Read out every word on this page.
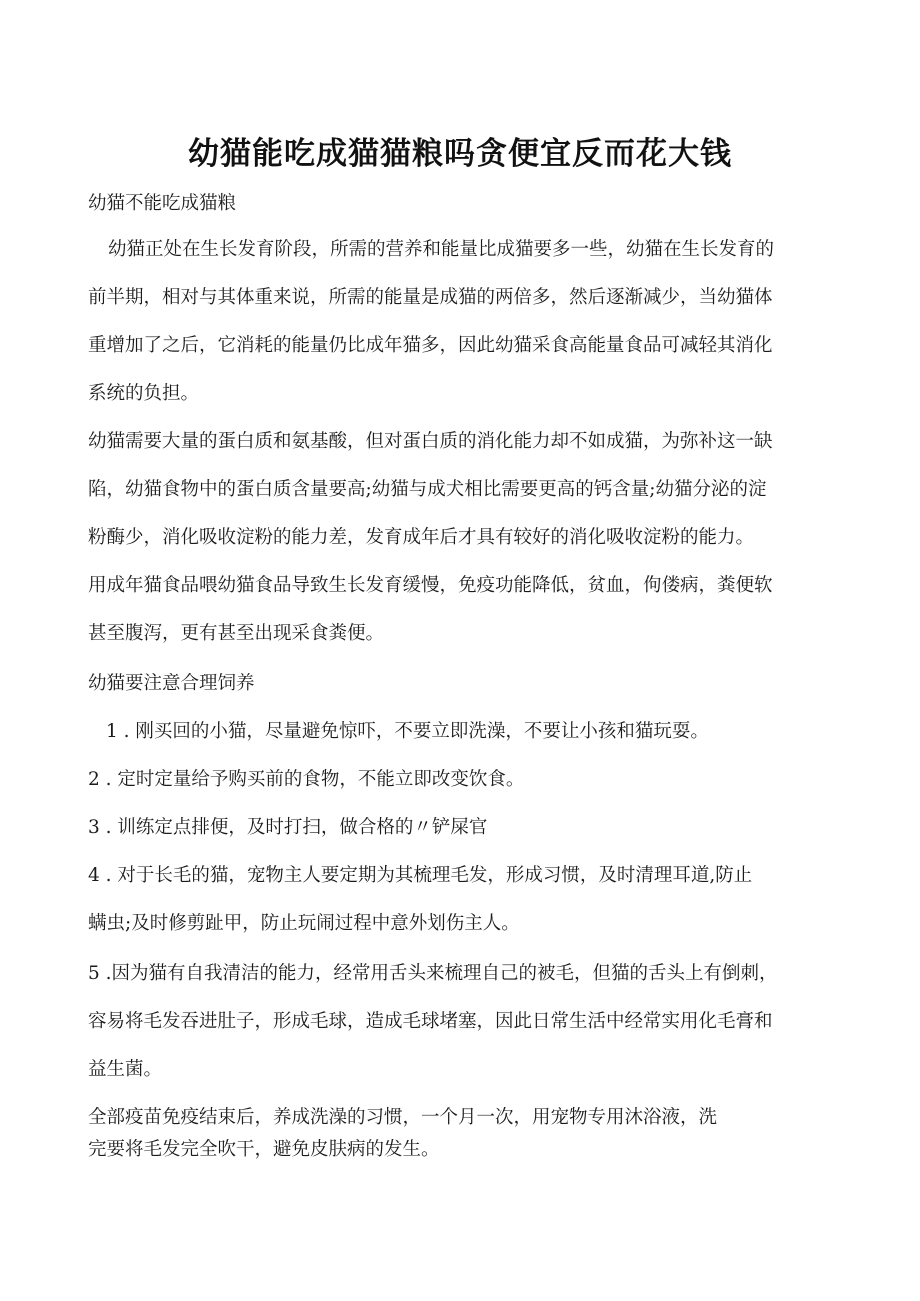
幼猫能吃成猫猫粮吗贪便宜反而花大钱

幼猫不能吃成猫粮

幼猫正处在生长发育阶段，所需的营养和能量比成猫要多一些，幼猫在生长发育的

前半期，相对与其体重来说，所需的能量是成猫的两倍多，然后逐渐减少，当幼猫体

重增加了之后，它消耗的能量仍比成年猫多，因此幼猫采食高能量食品可减轻其消化

系统的负担。

幼猫需要大量的蛋白质和氨基酸，但对蛋白质的消化能力却不如成猫，为弥补这一缺

陷，幼猫食物中的蛋白质含量要高;幼猫与成犬相比需要更高的钙含量;幼猫分泌的淀

粉酶少，消化吸收淀粉的能力差，发育成年后才具有较好的消化吸收淀粉的能力。

用成年猫食品喂幼猫食品导致生长发育缓慢，免疫功能降低，贫血，佝偻病，粪便软

甚至腹泻，更有甚至出现采食粪便。

幼猫要注意合理饲养

1 . 刚买回的小猫，尽量避免惊吓，不要立即洗澡，不要让小孩和猫玩耍。

2 . 定时定量给予购买前的食物，不能立即改变饮食。

3 . 训练定点排便，及时打扫，做合格的〃铲屎官

4 . 对于长毛的猫，宠物主人要定期为其梳理毛发，形成习惯，及时清理耳道,防止

螨虫;及时修剪趾甲，防止玩闹过程中意外划伤主人。

5 .因为猫有自我清洁的能力，经常用舌头来梳理自己的被毛，但猫的舌头上有倒刺，

容易将毛发吞进肚子，形成毛球，造成毛球堵塞，因此日常生活中经常实用化毛膏和

益生菌。

全部疫苗免疫结束后，养成洗澡的习惯，一个月一次，用宠物专用沐浴液，洗

完要将毛发完全吹干，避免皮肤病的发生。
